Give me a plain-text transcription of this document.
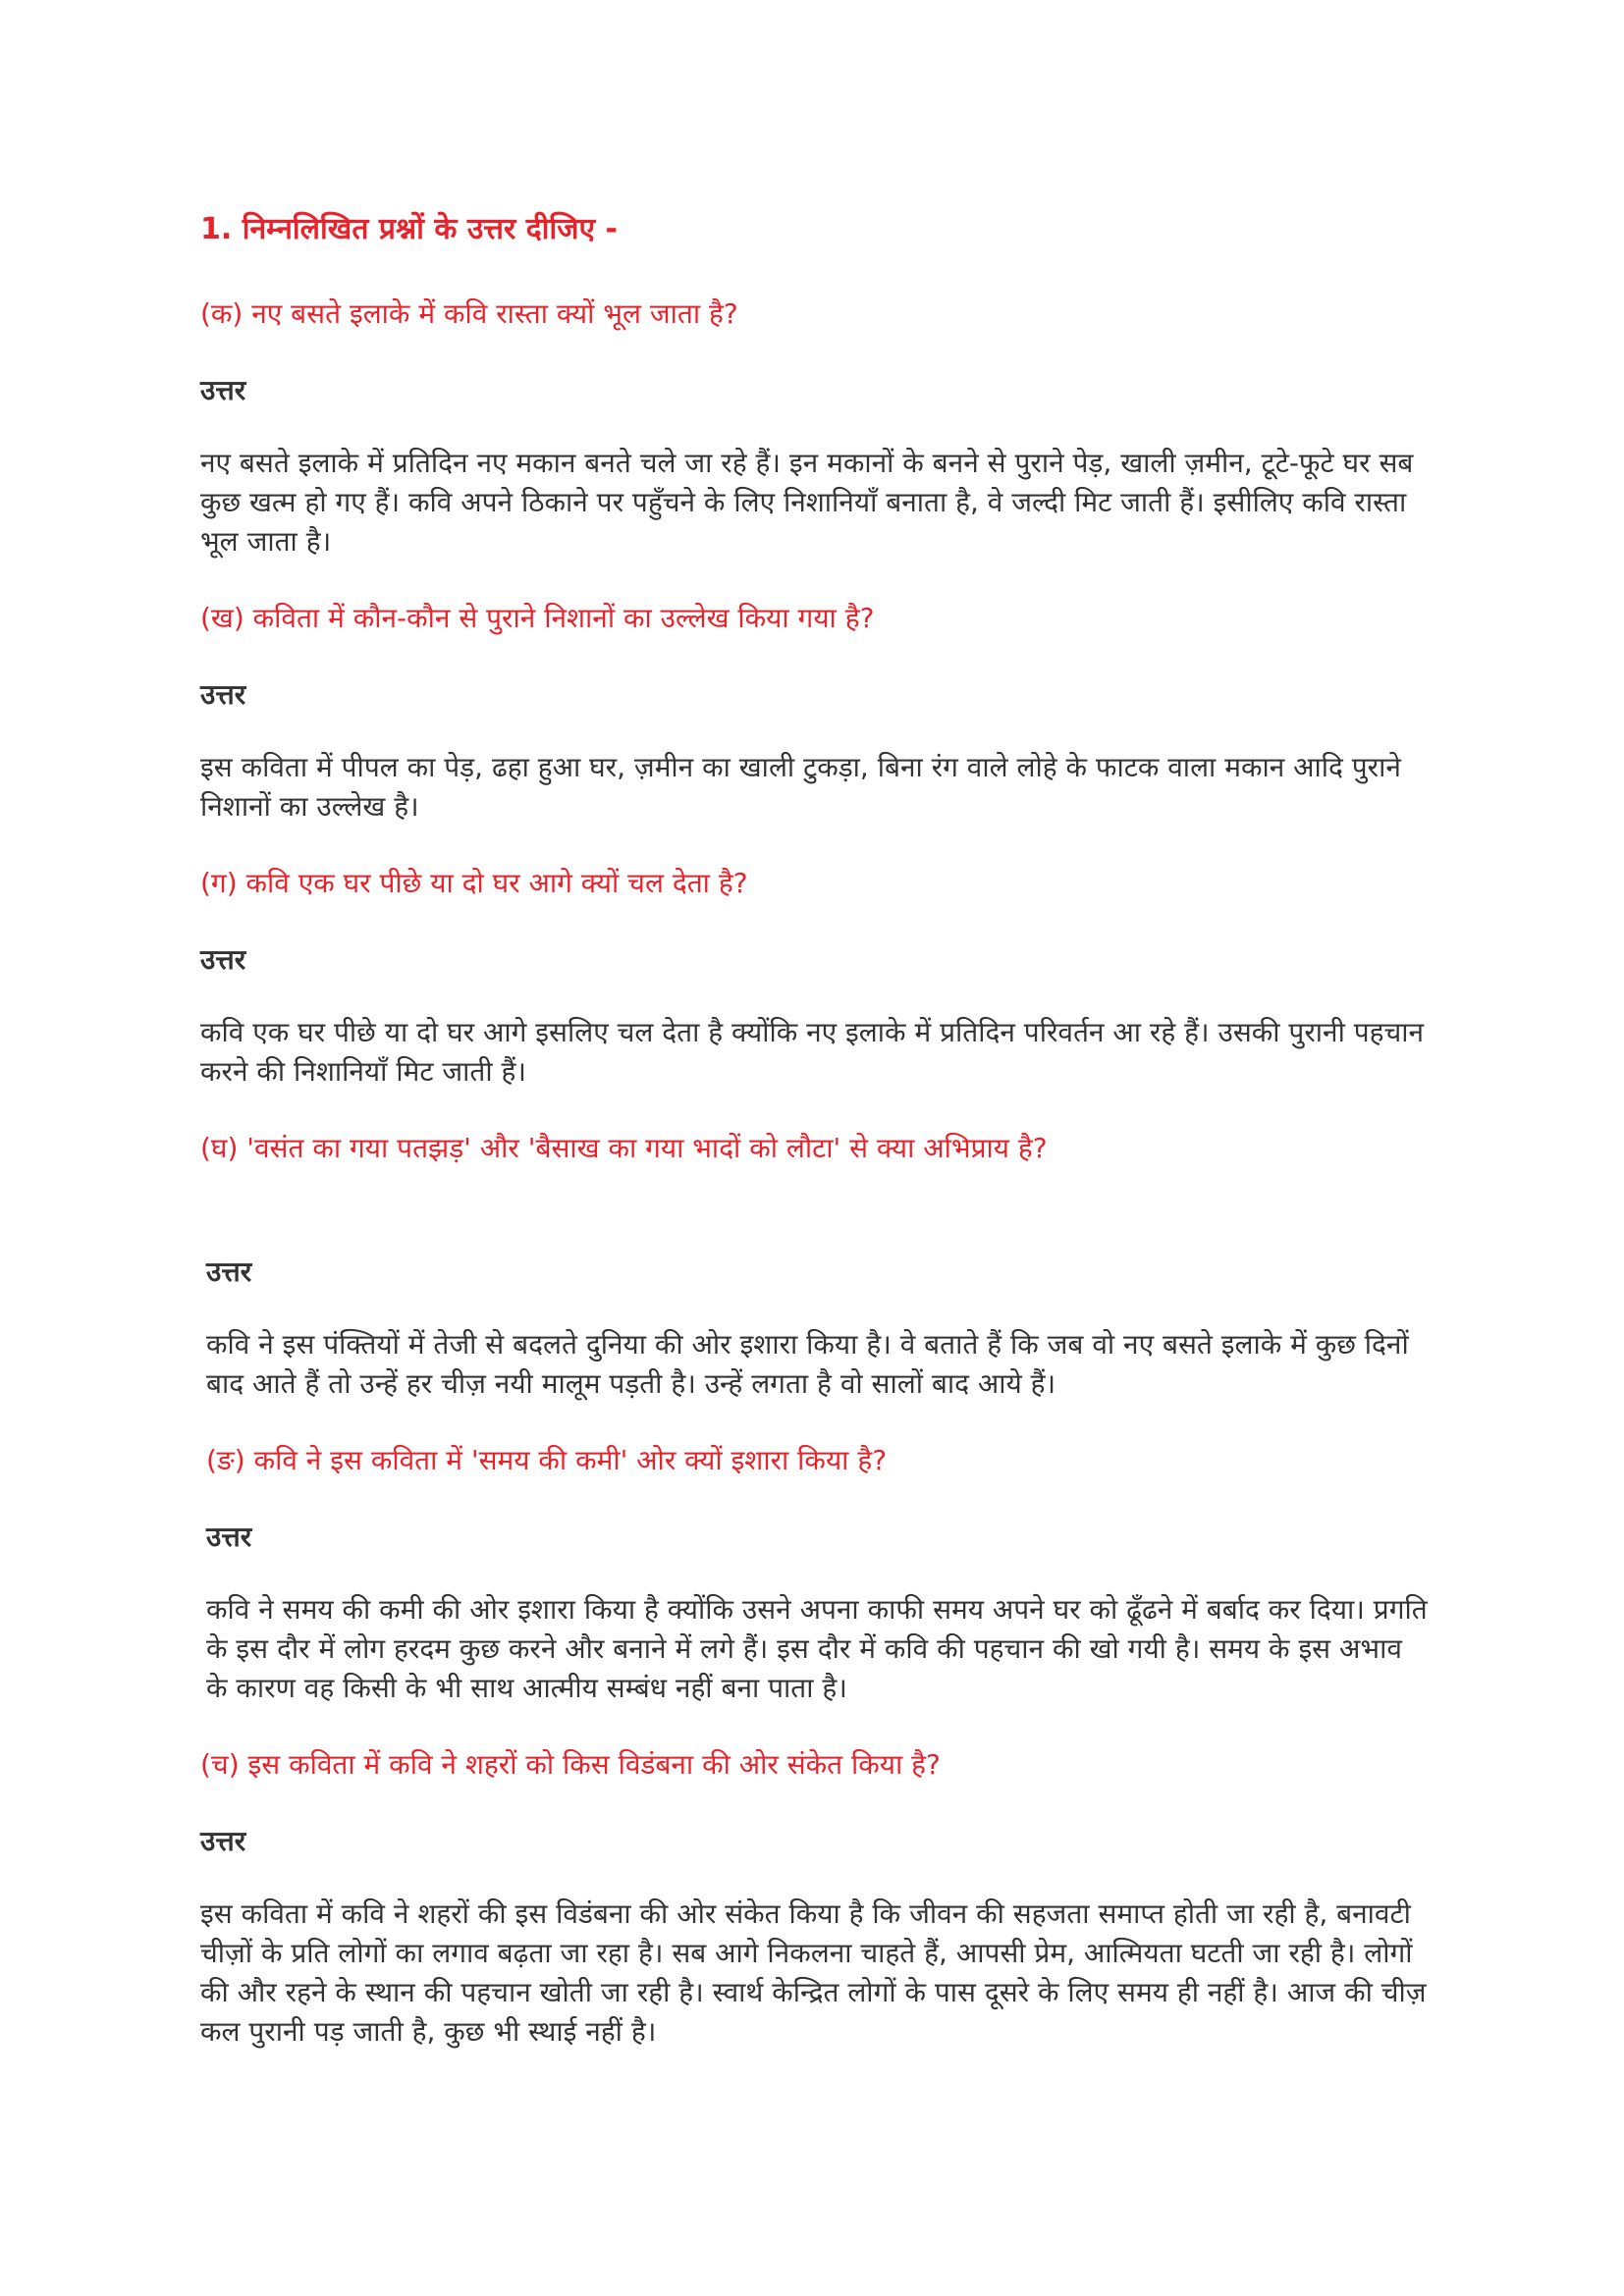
1. निम्नलिखित प्रश्नों के उत्तर दीजिए -

(क) नए बसते इलाके में कवि रास्ता क्यों भूल जाता है?

उत्तर

नए बसते इलाके में प्रतिदिन नए मकान बनते चले जा रहे हैं। इन मकानों के बनने से पुराने पेड़, खाली ज़मीन, टूटे-फूटे घर सब कुछ खत्म हो गए हैं। कवि अपने ठिकाने पर पहुँचने के लिए निशानियाँ बनाता है, वे जल्दी मिट जाती हैं। इसीलिए कवि रास्ता भूल जाता है।

(ख) कविता में कौन-कौन से पुराने निशानों का उल्लेख किया गया है?

उत्तर

इस कविता में पीपल का पेड़, ढहा हुआ घर, ज़मीन का खाली टुकड़ा, बिना रंग वाले लोहे के फाटक वाला मकान आदि पुराने निशानों का उल्लेख है।

(ग) कवि एक घर पीछे या दो घर आगे क्यों चल देता है?

उत्तर

कवि एक घर पीछे या दो घर आगे इसलिए चल देता है क्योंकि नए इलाके में प्रतिदिन परिवर्तन आ रहे हैं। उसकी पुरानी पहचान करने की निशानियाँ मिट जाती हैं।

(घ) 'वसंत का गया पतझड़' और 'बैसाख का गया भादों को लौटा' से क्या अभिप्राय है?

उत्तर

कवि ने इस पंक्तियों में तेजी से बदलते दुनिया की ओर इशारा किया है। वे बताते हैं कि जब वो नए बसते इलाके में कुछ दिनों बाद आते हैं तो उन्हें हर चीज़ नयी मालूम पड़ती है। उन्हें लगता है वो सालों बाद आये हैं।

(ङ) कवि ने इस कविता में 'समय की कमी' ओर क्यों इशारा किया है?

उत्तर

कवि ने समय की कमी की ओर इशारा किया है क्योंकि उसने अपना काफी समय अपने घर को ढूँढने में बर्बाद कर दिया। प्रगति के इस दौर में लोग हरदम कुछ करने और बनाने में लगे हैं। इस दौर में कवि की पहचान की खो गयी है। समय के इस अभाव के कारण वह किसी के भी साथ आत्मीय सम्बंध नहीं बना पाता है।

(च) इस कविता में कवि ने शहरों को किस विडंबना की ओर संकेत किया है?

उत्तर

इस कविता में कवि ने शहरों की इस विडंबना की ओर संकेत किया है कि जीवन की सहजता समाप्त होती जा रही है, बनावटी चीज़ों के प्रति लोगों का लगाव बढ़ता जा रहा है। सब आगे निकलना चाहते हैं, आपसी प्रेम, आत्मियता घटती जा रही है। लोगों की और रहने के स्थान की पहचान खोती जा रही है। स्वार्थ केन्द्रित लोगों के पास दूसरे के लिए समय ही नहीं है। आज की चीज़ कल पुरानी पड़ जाती है, कुछ भी स्थाई नहीं है।
